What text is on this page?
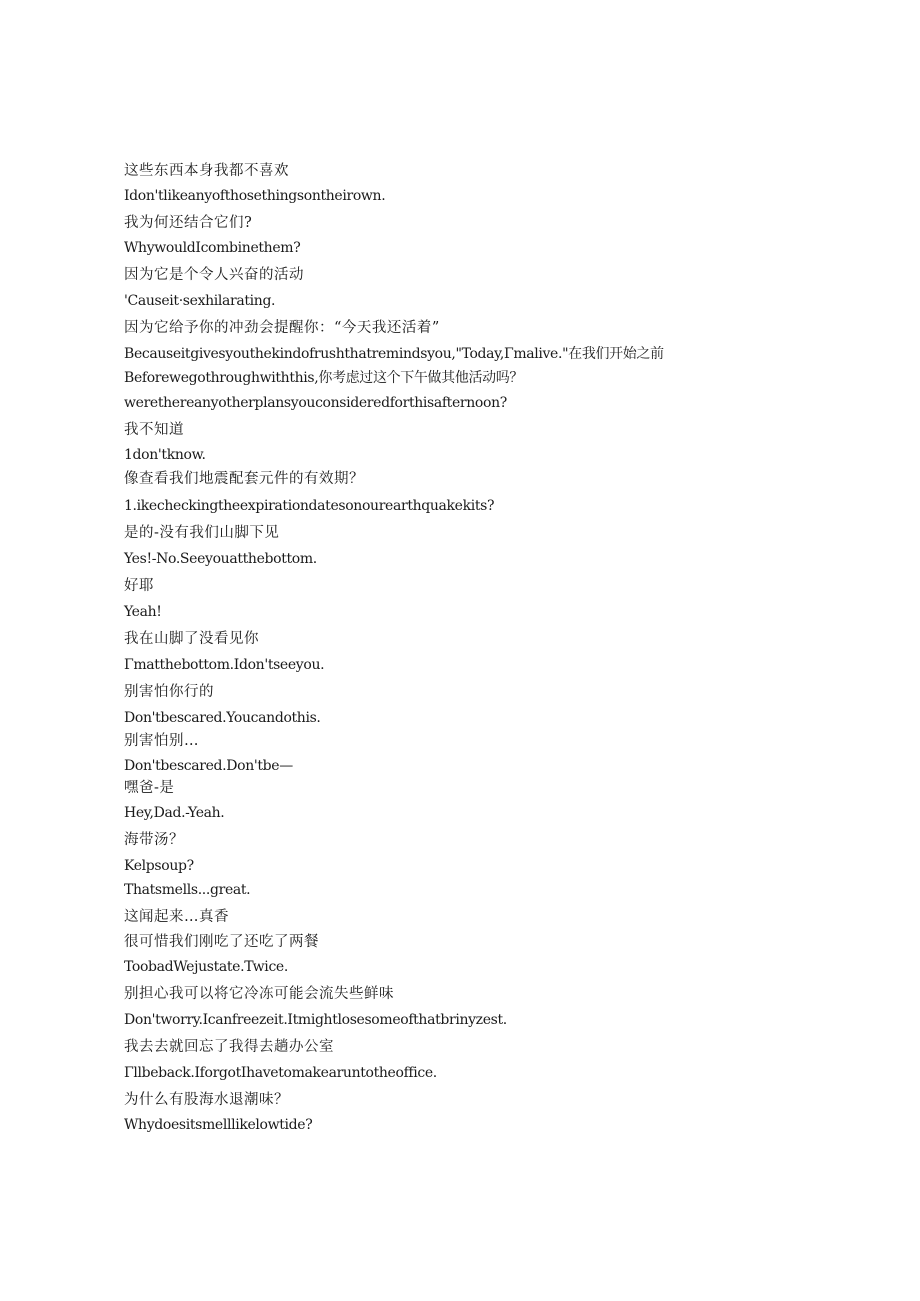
这些东西本身我都不喜欢

Idon'tlikeanyofthosethingsontheirown.

我为何还结合它们?

WhywouldIcombinethem?

因为它是个令人兴奋的活动

'Causeit·sexhilarating.

因为它给予你的冲劲会提醒你：“今天我还活着”

Becauseitgivesyouthekindofrushthatremindsyou,"Today,Γmalive."在我们开始之前

Beforewegothroughwiththis,你考虑过这个下午做其他活动吗？

werethereanyotherplansyouconsideredforthisafternoon?

我不知道

1don'tknow.

像查看我们地震配套元件的有效期？

1.ikecheckingtheexpirationdatesonourearthquakekits?

是的-没有我们山脚下见

Yes!-No.Seeyouatthebottom.

好耶

Yeah!

我在山脚了没看见你

Γmatthebottom.Idon'tseeyou.

别害怕你行的

Don'tbescared.Youcandothis.

别害怕别…

Don'tbescared.Don'tbe—

嘿爸-是

Hey,Dad.-Yeah.

海带汤？

Kelpsoup?

Thatsmells...great.

这闻起来…真香

很可惜我们刚吃了还吃了两餐

ToobadWejustate.Twice.

别担心我可以将它冷冻可能会流失些鲜味

Don'tworry.Icanfreezeit.Itmightlosesomeofthatbrinyzest.

我去去就回忘了我得去趟办公室

Γllbeback.IforgotIhavetomakearuntotheoffice.

为什么有股海水退潮味？

Whydoesitsmelllikelowtide?
